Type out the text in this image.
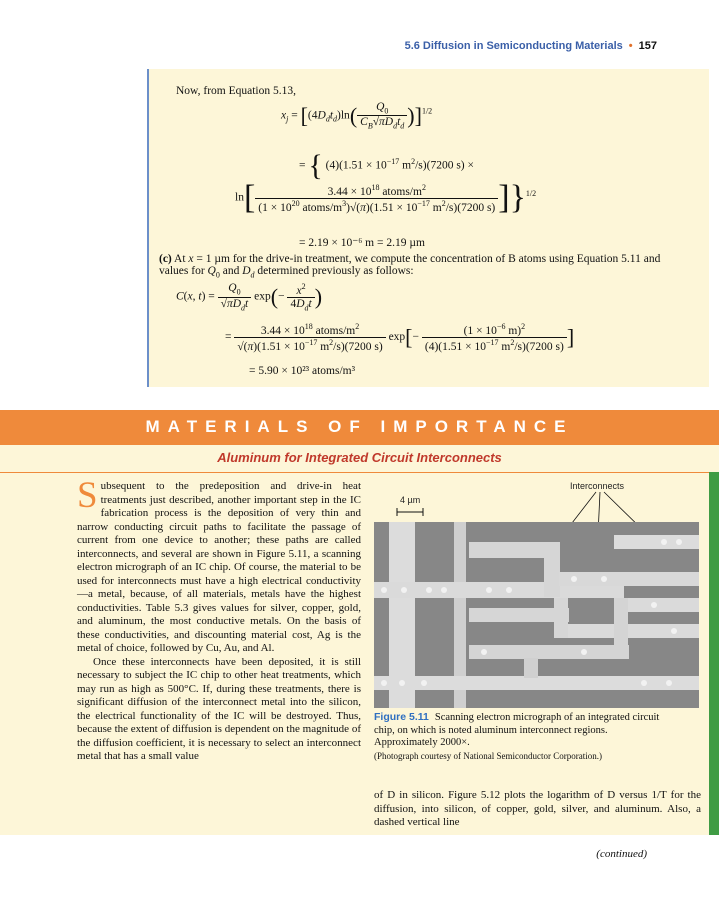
5.6 Diffusion in Semiconducting Materials • 157
Now, from Equation 5.13,
$x_j = [(4D_dt_d)\ln( \frac{Q_0}{C_B√\pi D_dt_d} )]^{1/2}$
= { $(4)(1.51 \times 10^{-17}$ $m^2/s)(7200$ s) ×
$\ln[ \frac{3.44 \times 10^{18} atoms/m^2}{(1 \times 10^{20} atoms/m^3)√(\pi)(1.51 \times 10^{-17} m^2/s)(7200 s)} ]\}^{1/2}$
= 2.19 × 10⁻⁶ m = 2.19 µm
(c) At x = 1 µm for the drive-in treatment, we compute the concentration of B atoms using Equation 5.11 and values for $Q_0$ and $D_d$ determined previously as follows:
C(x, $t) = \frac{Q_0}{√\pi D_dt} \exp(- \frac{x^2}{4D_dt}$ )
= $\frac{3.44 \times 10^{18} atoms/m^2}{√(\pi)(1.51 \times 10^{-17} m^2/s)(7200 s)} \exp[- \frac{(1 \times 10^{-6} m)^2}{(4)(1.51 \times 10^{-17} m^2/s)(7200 s)}$ ]
= 5.90 × 10²³ atoms/m³
MATERIALS OF IMPORTANCE
Aluminum for Integrated Circuit Interconnects

Subsequent to the predeposition and drive-in heat treatments just described, another important step in the IC fabrication process is the deposition of very thin and narrow conducting circuit paths to facilitate the passage of current from one device to another; these paths are called interconnects, and several are shown in Figure 5.11, a scanning electron micrograph of an IC chip. Of course, the material to be used for interconnects must have a high electrical conductivity—a metal, because, of all materials, metals have the highest conductivities. Table 5.3 gives values for silver, copper, gold, and aluminum, the most conductive metals. On the basis of these conductivities, and discounting material cost, Ag is the metal of choice, followed by Cu, Au, and Al.

Once these interconnects have been deposited, it is still necessary to subject the IC chip to other heat treatments, which may run as high as 500°C. If, during these treatments, there is significant diffusion of the interconnect metal into the silicon, the electrical functionality of the IC will be destroyed. Thus, because the extent of diffusion is dependent on the magnitude of the diffusion coefficient, it is necessary to select an interconnect metal that has a small value

Interconnects
4 µm
Figure 5.11 Scanning electron micrograph of an integrated circuit chip, on which is noted aluminum interconnect regions. Approximately 2000×.
(Photograph courtesy of National Semiconductor Corporation.)

of D in silicon. Figure 5.12 plots the logarithm of D versus 1/T for the diffusion, into silicon, of copper, gold, silver, and aluminum. Also, a dashed vertical line

(continued)
